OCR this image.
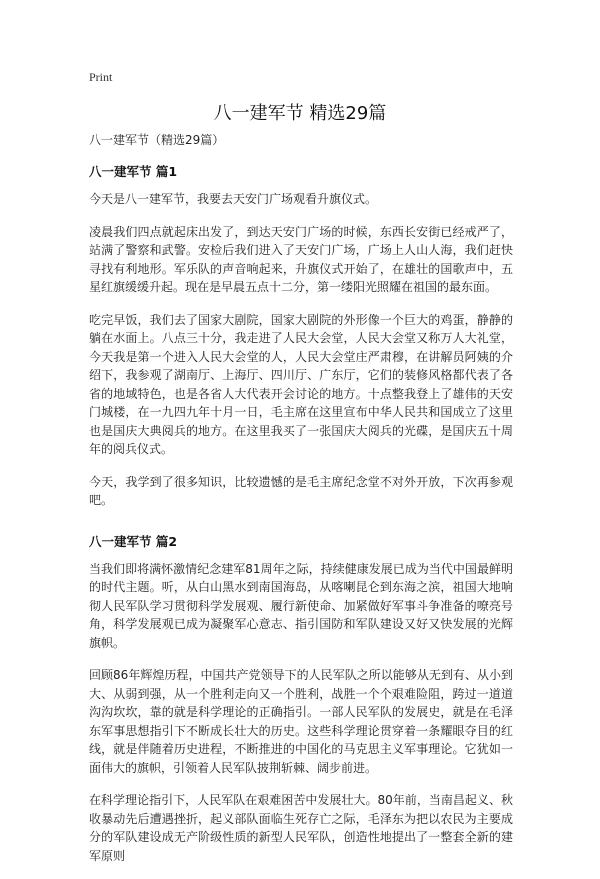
Print
八一建军节 精选29篇

八一建军节（精选29篇）

八一建军节 篇1

今天是八一建军节，我要去天安门广场观看升旗仪式。

凌晨我们四点就起床出发了，到达天安门广场的时候，东西长安街已经戒严了，站满了警察和武警。安检后我们进入了天安门广场，广场上人山人海，我们赶快寻找有利地形。军乐队的声音响起来，升旗仪式开始了，在雄壮的国歌声中，五星红旗缓缓升起。现在是早晨五点十二分，第一缕阳光照耀在祖国的最东面。

吃完早饭，我们去了国家大剧院，国家大剧院的外形像一个巨大的鸡蛋，静静的躺在水面上。八点三十分，我走进了人民大会堂，人民大会堂又称万人大礼堂，今天我是第一个进入人民大会堂的人，人民大会堂庄严肃穆，在讲解员阿姨的介绍下，我参观了湖南厅、上海厅、四川厅、广东厅，它们的装修风格都代表了各省的地域特色，也是各省人大代表开会讨论的地方。十点整我登上了雄伟的天安门城楼，在一九四九年十月一日，毛主席在这里宣布中华人民共和国成立了这里也是国庆大典阅兵的地方。在这里我买了一张国庆大阅兵的光碟，是国庆五十周年的阅兵仪式。

今天，我学到了很多知识，比较遗憾的是毛主席纪念堂不对外开放，下次再参观吧。

八一建军节 篇2

当我们即将满怀激情纪念建军81周年之际，持续健康发展已成为当代中国最鲜明的时代主题。听，从白山黑水到南国海岛，从喀喇昆仑到东海之滨，祖国大地响彻人民军队学习贯彻科学发展观、履行新使命、加紧做好军事斗争准备的嘹亮号角，科学发展观已成为凝聚军心意志、指引国防和军队建设又好又快发展的光辉旗帜。

回顾86年辉煌历程，中国共产党领导下的人民军队之所以能够从无到有、从小到大、从弱到强，从一个胜利走向又一个胜利，战胜一个个艰难险阻，跨过一道道沟沟坎坎，靠的就是科学理论的正确指引。一部人民军队的发展史，就是在毛泽东军事思想指引下不断成长壮大的历史。这些科学理论贯穿着一条耀眼夺目的红线，就是伴随着历史进程，不断推进的中国化的马克思主义军事理论。它犹如一面伟大的旗帜，引领着人民军队披荆斩棘、阔步前进。

在科学理论指引下，人民军队在艰难困苦中发展壮大。80年前，当南昌起义、秋收暴动先后遭遇挫折，起义部队面临生死存亡之际，毛泽东为把以农民为主要成分的军队建设成无产阶级性质的新型人民军队，创造性地提出了一整套全新的建军原则
